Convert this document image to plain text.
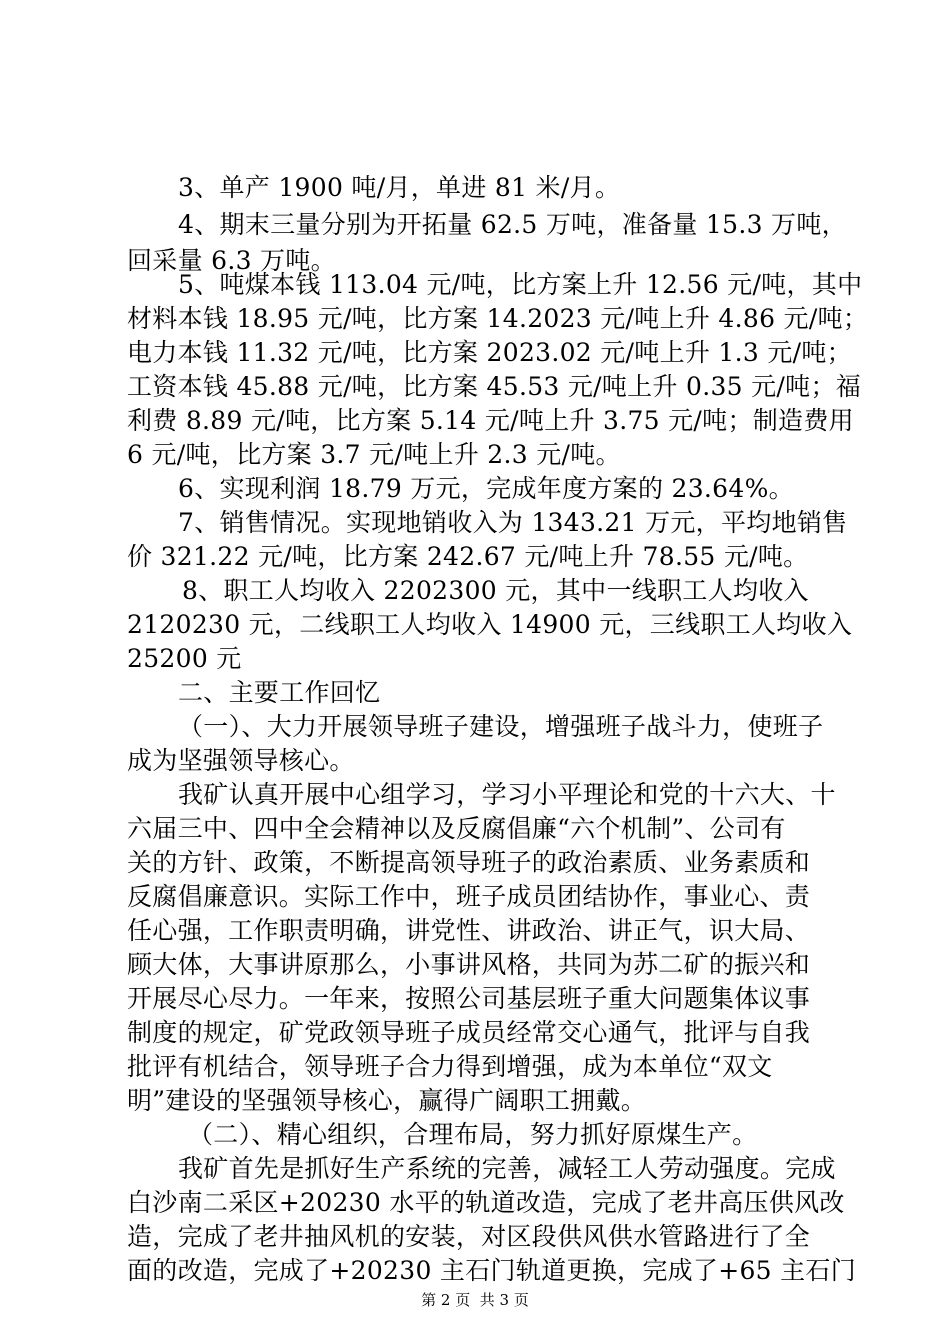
3、单产 1900 吨/月，单进 81 米/月。
4、期末三量分别为开拓量 62.5 万吨，准备量 15.3 万吨，
回采量 6.3 万吨。
5、吨煤本钱 113.04 元/吨，比方案上升 12.56 元/吨，其中
材料本钱 18.95 元/吨，比方案 14.2023 元/吨上升 4.86 元/吨；
电力本钱 11.32 元/吨，比方案 2023.02 元/吨上升 1.3 元/吨；
工资本钱 45.88 元/吨，比方案 45.53 元/吨上升 0.35 元/吨；福
利费 8.89 元/吨，比方案 5.14 元/吨上升 3.75 元/吨；制造费用
6 元/吨，比方案 3.7 元/吨上升 2.3 元/吨。
6、实现利润 18.79 万元，完成年度方案的 23.64%。
7、销售情况。实现地销收入为 1343.21 万元，平均地销售
价 321.22 元/吨，比方案 242.67 元/吨上升 78.55 元/吨。
8、职工人均收入 2202300 元，其中一线职工人均收入
2120230 元，二线职工人均收入 14900 元，三线职工人均收入
25200 元
二、主要工作回忆
（一）、大力开展领导班子建设，增强班子战斗力，使班子
成为坚强领导核心。
我矿认真开展中心组学习，学习小平理论和党的十六大、十
六届三中、四中全会精神以及反腐倡廉“六个机制”、公司有
关的方针、政策，不断提高领导班子的政治素质、业务素质和
反腐倡廉意识。实际工作中，班子成员团结协作，事业心、责
任心强，工作职责明确，讲党性、讲政治、讲正气，识大局、
顾大体，大事讲原那么，小事讲风格，共同为苏二矿的振兴和
开展尽心尽力。一年来，按照公司基层班子重大问题集体议事
制度的规定，矿党政领导班子成员经常交心通气，批评与自我
批评有机结合，领导班子合力得到增强，成为本单位“双文
明”建设的坚强领导核心，赢得广阔职工拥戴。
（二）、精心组织，合理布局，努力抓好原煤生产。
我矿首先是抓好生产系统的完善，减轻工人劳动强度。完成
白沙南二采区+20230 水平的轨道改造，完成了老井高压供风改
造，完成了老井抽风机的安装，对区段供风供水管路进行了全
面的改造，完成了+20230 主石门轨道更换，完成了+65 主石门
第 2 页  共 3 页
